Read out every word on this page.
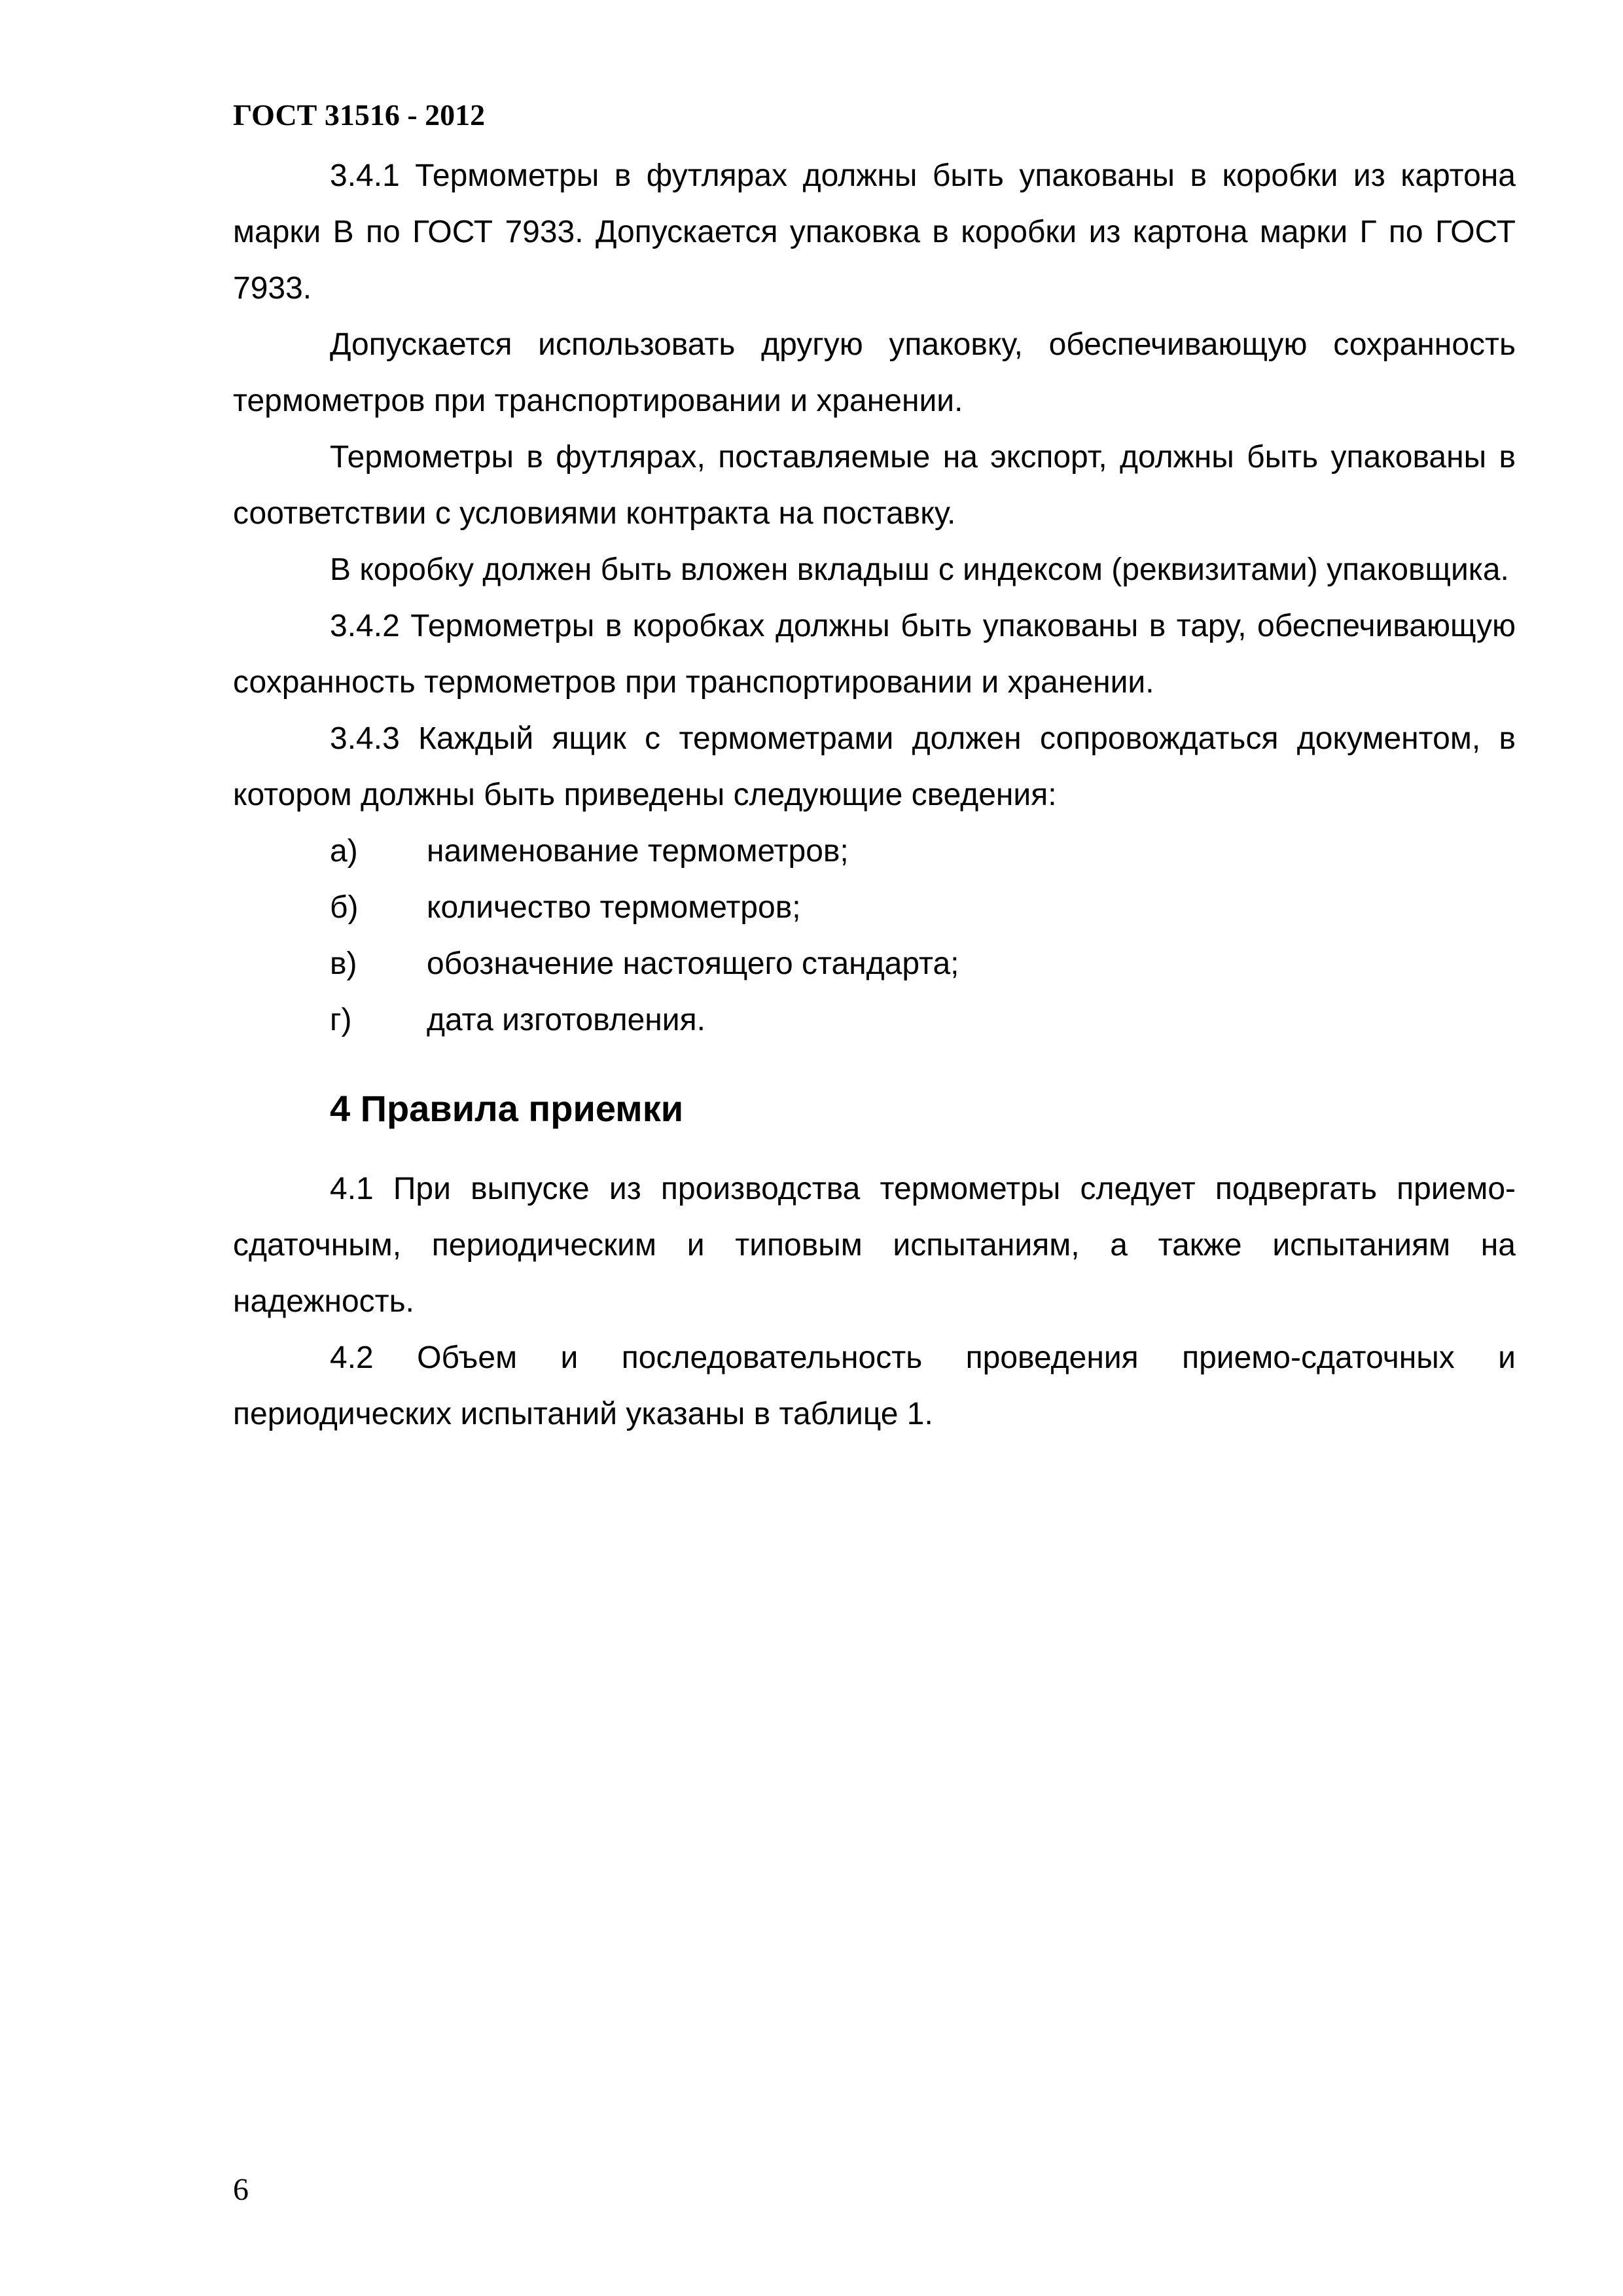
ГОСТ 31516 - 2012

3.4.1 Термометры в футлярах должны быть упакованы в коробки из картона марки В по ГОСТ 7933. Допускается упаковка в коробки из картона марки Г по ГОСТ 7933.

Допускается использовать другую упаковку, обеспечивающую сохранность термометров при транспортировании и хранении.

Термометры в футлярах, поставляемые на экспорт, должны быть упакованы в соответствии с условиями контракта на поставку.

В коробку должен быть вложен вкладыш с индексом (реквизитами) упаковщика.

3.4.2 Термометры в коробках должны быть упакованы в тару, обеспечивающую сохранность термометров при транспортировании и хранении.

3.4.3 Каждый ящик с термометрами должен сопровождаться документом, в котором должны быть приведены следующие сведения:

а) наименование термометров;
б) количество термометров;
в) обозначение настоящего стандарта;
г) дата изготовления.
4 Правила приемки

4.1 При выпуске из производства термометры следует подвергать приемо-сдаточным, периодическим и типовым испытаниям, а также испытаниям на надежность.

4.2 Объем и последовательность проведения приемо-сдаточных и периодических испытаний указаны в таблице 1.

6
